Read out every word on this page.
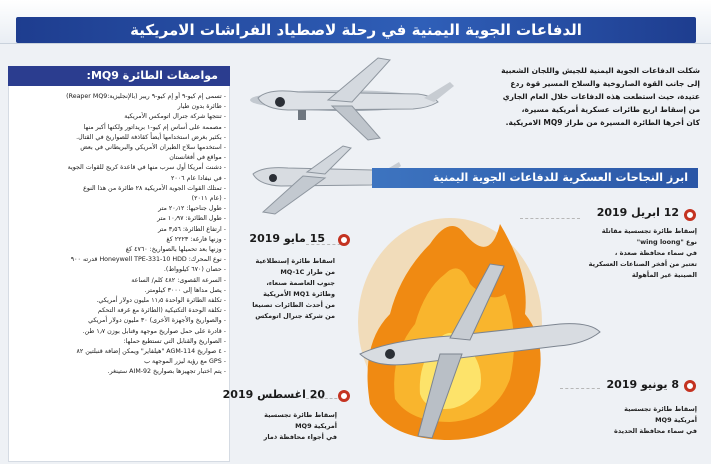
الدفاعات الجوية اليمنية في رحلة لاصطياد الفراشات الامريكية
مواصفات الطائرة MQ9:
- تسمى إم كيو-٩ أو إم كيو-٩ ريبر (بالإنجليزية:Reaper MQ9)
- طائرة بدون طيار
- تنتجها شركة جنرال اتومكس الأمريكية
- مصممة على أساس إم كيو-١ بريداتور ولكنها أكبر منها
- بكثير بغرض استخدامها أيضاً كقاذفة للصواريخ في القتال.
- استخدمها سلاح الطيران الأمريكي والبريطاني في بعض
- مواقع في أفغانستان
- دشنت أمريكا أول سرب منها في قاعدة كريج للقوات الجوية
- في نيفادا عام ٢٠٠٦
- تمتلك القوات الجوية الأمريكية ٢٨ طائرة من هذا النوع
- (عام ٢٠١١)
- طول جناحيها: ٢٠٫١٢ متر
- طول الطائرة: ١٠٫٩٧ متر
- ارتفاع الطائرة: ٣٫٥٦ متر
- وزنها فارغة: ٢٢٢٣ كغ
- وزنها بعد تحميلها بالصواريخ: ٤٧٦٠ كغ
- نوع المحرك: Honeywell TPE-331-10 HDD قدرته ٩٠٠
- حصان (٦٧٠ كيلوواط).
- السرعة القصوى: ٤٨٢ كلم/ الساعة
- يصل مداها إلى ٣٠٠٠ كيلومتر.
- تكلفة الطائرة الواحدة ١١٫٥ مليون دولار أمريكي.
- تكلفة الوحدة التكتيكية (الطائرة مع غرفة التحكم
- والصواريخ والأجهزة الأخرى) ٣٠ مليون دولار أمريكي
- قادرة على حمل صواريخ موجهة وقنابل بوزن ١٫٧ طن.
- الصواريخ والقنابل التي تستطيع حملها:
- ٤ صواريخ AGM-114 "هيلفاير" ويمكن إضافة قنبلتين ٨٢
- GPS مع رؤية ليزر الموجهة ب
- يتم اختبار تجهيزها بصواريخ AIM-92 ستينغر.
شكلت الدفاعات الجوية اليمنية للجيش واللجان الشعبية
إلى جانب القوة الصاروخية والسلاح المسير قوة ردع
عتيدة، حيث استطعت هذه الدفاعات خلال العام الجاري
من إسقاط اربع طائرات عسكرية أمريكية مسيرة،
كان أخرها الطائرة المسيرة من طراز MQ9 الامريكية.
ابرز النجاحات العسكرية للدفاعات الجوية اليمنية
12 ابريل 2019
إسقاط طائرة تجسسية مقاتلة
نوع "wing loong"
في سماء محافظة صعدة ،
تعتبر من أفخر الصناعات العسكرية
الصينية غير المأهولة
15 مايو 2019
اسقاط طائرة إستطلاعية
من طراز MQ-1C
جنوب العاصمة صنعاء،
وطائرة MQ1 الأمريكية
من أحدث الطائرات تصنيعا
من شركة جنرال اتومكس
8 يونيو 2019
إسقاط طائرة تجسسية
أمريكية MQ9
في سماء محافظة الحديدة
20 اغسطس 2019
إسقاط طائرة تجسسية
أمريكية MQ9
في أجواء محافظة ذمار
